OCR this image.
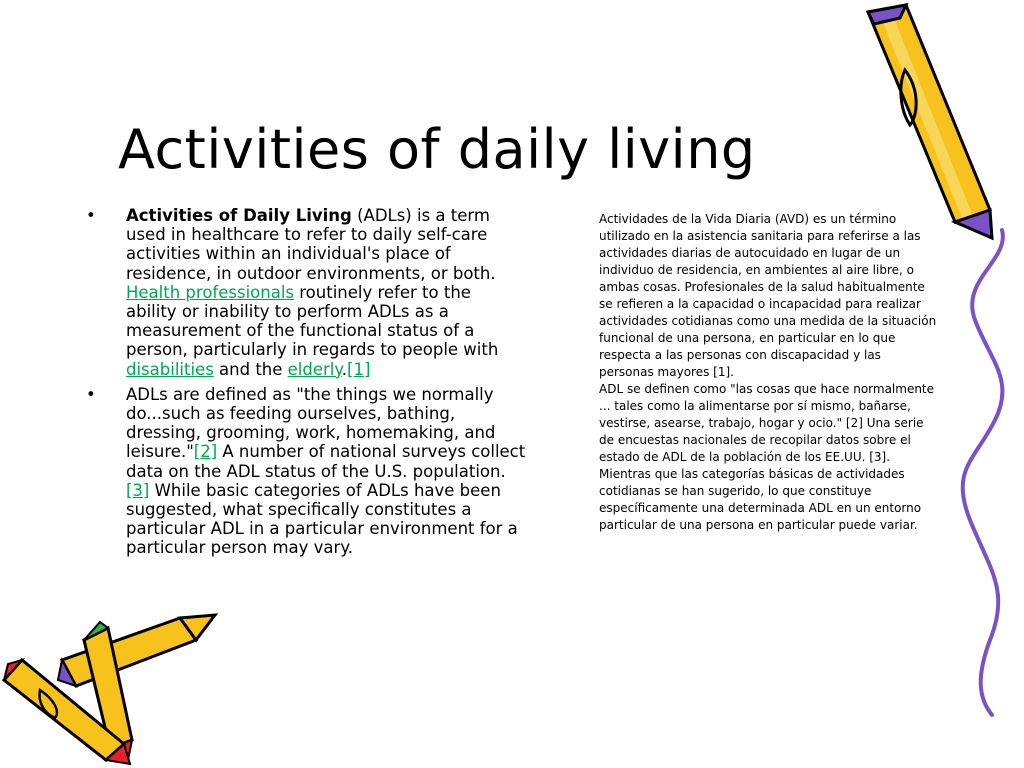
Activities of daily living
• Activities of Daily Living (ADLs) is a term used in healthcare to refer to daily self-care activities within an individual's place of residence, in outdoor environments, or both. Health professionals routinely refer to the ability or inability to perform ADLs as a measurement of the functional status of a person, particularly in regards to people with disabilities and the elderly.[1]
• ADLs are defined as "the things we normally do...such as feeding ourselves, bathing, dressing, grooming, work, homemaking, and leisure."[2] A number of national surveys collect data on the ADL status of the U.S. population.[3] While basic categories of ADLs have been suggested, what specifically constitutes a particular ADL in a particular environment for a particular person may vary.

Actividades de la Vida Diaria (AVD) es un término utilizado en la asistencia sanitaria para referirse a las actividades diarias de autocuidado en lugar de un individuo de residencia, en ambientes al aire libre, o ambas cosas. Profesionales de la salud habitualmente se refieren a la capacidad o incapacidad para realizar actividades cotidianas como una medida de la situación funcional de una persona, en particular en lo que respecta a las personas con discapacidad y las personas mayores [1].

ADL se definen como "las cosas que hace normalmente ... tales como la alimentarse por sí mismo, bañarse, vestirse, asearse, trabajo, hogar y ocio." [2] Una serie de encuestas nacionales de recopilar datos sobre el estado de ADL de la población de los EE.UU. [3]. Mientras que las categorías básicas de actividades cotidianas se han sugerido, lo que constituye específicamente una determinada ADL en un entorno particular de una persona en particular puede variar.
